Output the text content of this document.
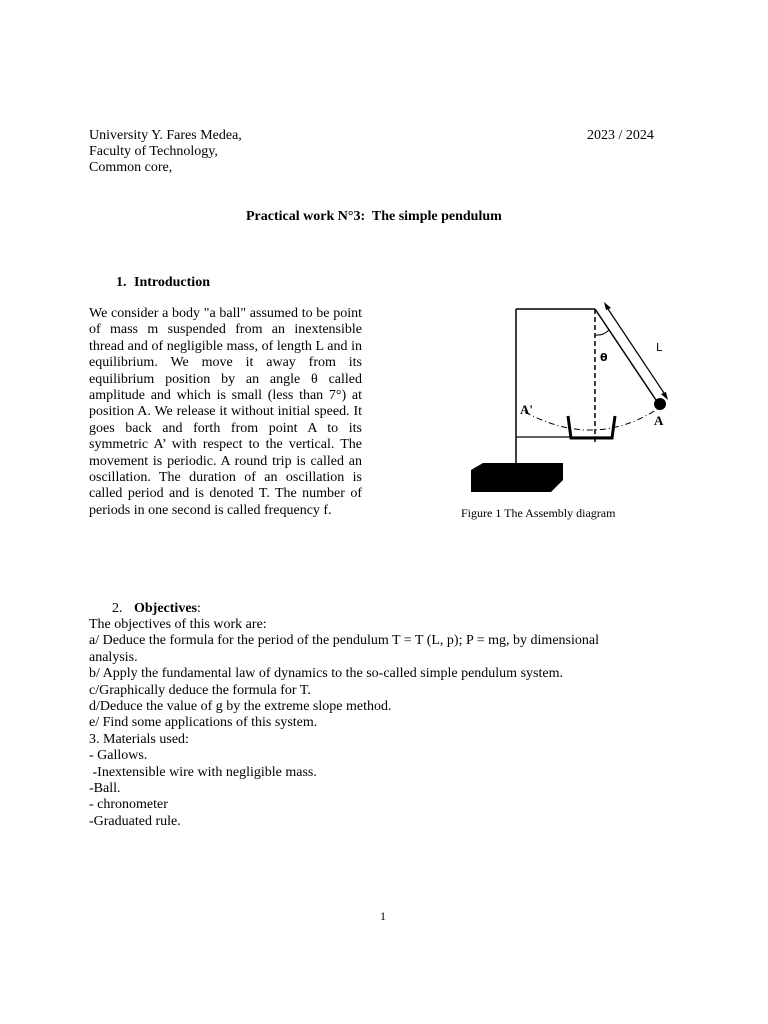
University Y. Fares Medea,
Faculty of Technology,
Common core,
2023 / 2024
Practical work N°3:  The simple pendulum
1. Introduction

We consider a body "a ball" assumed to be point of mass m suspended from an inextensible thread and of negligible mass, of length L and in equilibrium. We move it away from its equilibrium position by an angle θ called amplitude and which is small (less than 7°) at position A. We release it without initial speed. It goes back and forth from point A to its symmetric A’ with respect to the vertical. The movement is periodic. A round trip is called an oscillation. The duration of an oscillation is called period and is denoted T. The number of periods in one second is called frequency f.

L
θ
A
A'
Figure 1 The Assembly diagram
2. Objectives:
The objectives of this work are:
a/ Deduce the formula for the period of the pendulum T = T (L, p); P = mg, by dimensional
analysis.
b/ Apply the fundamental law of dynamics to the so-called simple pendulum system.
c/Graphically deduce the formula for T.
d/Deduce the value of g by the extreme slope method.
e/ Find some applications of this system.
3. Materials used:
- Gallows.
-Inextensible wire with negligible mass.
-Ball.
- chronometer
-Graduated rule.
1
